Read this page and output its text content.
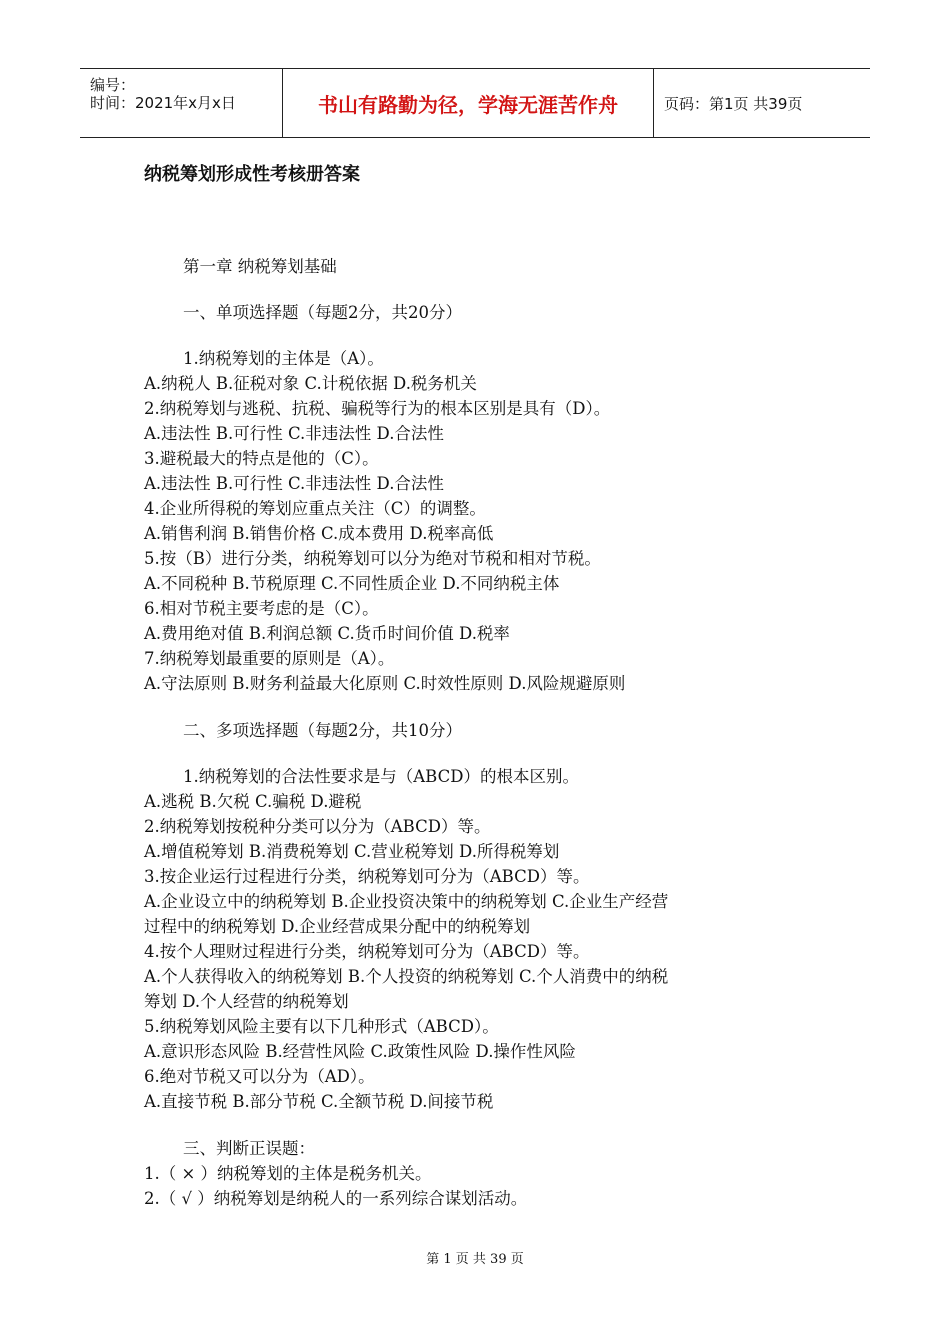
编号：
时间：2021年x月x日	书山有路勤为径，学海无涯苦作舟	页码：第1页 共39页
纳税筹划形成性考核册答案
第一章 纳税筹划基础
一、单项选择题（每题2分，共20分）
1.纳税筹划的主体是（A）。
A.纳税人 B.征税对象 C.计税依据 D.税务机关
2.纳税筹划与逃税、抗税、骗税等行为的根本区别是具有（D）。
A.违法性 B.可行性 C.非违法性 D.合法性
3.避税最大的特点是他的（C）。
A.违法性 B.可行性 C.非违法性 D.合法性
4.企业所得税的筹划应重点关注（C）的调整。
A.销售利润 B.销售价格 C.成本费用 D.税率高低
5.按（B）进行分类，纳税筹划可以分为绝对节税和相对节税。
A.不同税种 B.节税原理 C.不同性质企业 D.不同纳税主体
6.相对节税主要考虑的是（C）。
A.费用绝对值 B.利润总额 C.货币时间价值 D.税率
7.纳税筹划最重要的原则是（A）。
A.守法原则 B.财务利益最大化原则 C.时效性原则 D.风险规避原则
二、多项选择题（每题2分，共10分）
1.纳税筹划的合法性要求是与（ABCD）的根本区别。
A.逃税 B.欠税 C.骗税 D.避税
2.纳税筹划按税种分类可以分为（ABCD）等。
A.增值税筹划 B.消费税筹划 C.营业税筹划 D.所得税筹划
3.按企业运行过程进行分类，纳税筹划可分为（ABCD）等。
A.企业设立中的纳税筹划 B.企业投资决策中的纳税筹划 C.企业生产经营
过程中的纳税筹划 D.企业经营成果分配中的纳税筹划
4.按个人理财过程进行分类，纳税筹划可分为（ABCD）等。
A.个人获得收入的纳税筹划 B.个人投资的纳税筹划 C.个人消费中的纳税
筹划 D.个人经营的纳税筹划
5.纳税筹划风险主要有以下几种形式（ABCD）。
A.意识形态风险 B.经营性风险 C.政策性风险 D.操作性风险
6.绝对节税又可以分为（AD）。
A.直接节税 B.部分节税 C.全额节税 D.间接节税
三、判断正误题：
1.（ × ）纳税筹划的主体是税务机关。
2.（ √ ）纳税筹划是纳税人的一系列综合谋划活动。
第 1 页 共 39 页
